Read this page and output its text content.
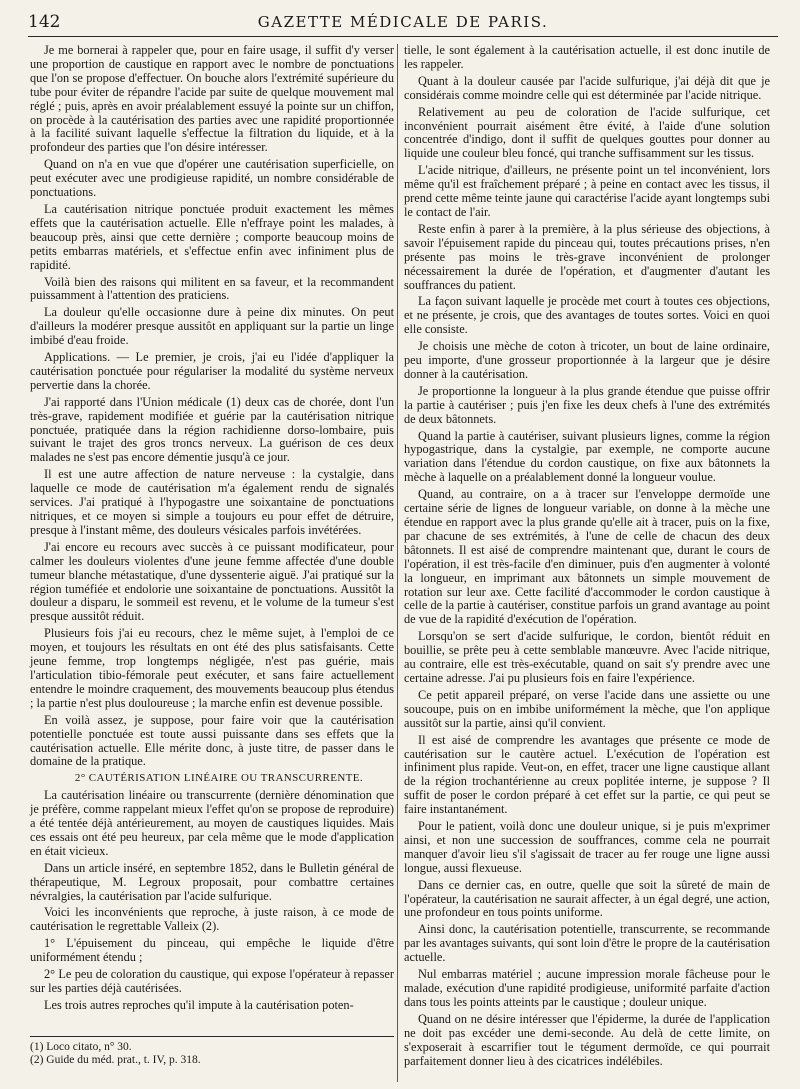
142	GAZETTE MÉDICALE DE PARIS.

Je me bornerai à rappeler que, pour en faire usage, il suffit d'y verser une proportion de caustique en rapport avec le nombre de ponctuations que l'on se propose d'effectuer. On bouche alors l'extrémité supérieure du tube pour éviter de répandre l'acide par suite de quelque mouvement mal réglé ; puis, après en avoir préalablement essuyé la pointe sur un chiffon, on procède à la cautérisation des parties avec une rapidité proportionnée à la facilité suivant laquelle s'effectue la filtration du liquide, et à la profondeur des parties que l'on désire intéresser.

Quand on n'a en vue que d'opérer une cautérisation superficielle, on peut exécuter avec une prodigieuse rapidité, un nombre considérable de ponctuations.

La cautérisation nitrique ponctuée produit exactement les mêmes effets que la cautérisation actuelle. Elle n'effraye point les malades, à beaucoup près, ainsi que cette dernière ; comporte beaucoup moins de petits embarras matériels, et s'effectue enfin avec infiniment plus de rapidité.

Voilà bien des raisons qui militent en sa faveur, et la recommandent puissamment à l'attention des praticiens.

La douleur qu'elle occasionne dure à peine dix minutes. On peut d'ailleurs la modérer presque aussitôt en appliquant sur la partie un linge imbibé d'eau froide.

Applications. — Le premier, je crois, j'ai eu l'idée d'appliquer la cautérisation ponctuée pour régulariser la modalité du système nerveux pervertie dans la chorée.

J'ai rapporté dans l'Union médicale (1) deux cas de chorée, dont l'un très-grave, rapidement modifiée et guérie par la cautérisation nitrique ponctuée, pratiquée dans la région rachidienne dorso-lombaire, puis suivant le trajet des gros troncs nerveux. La guérison de ces deux malades ne s'est pas encore démentie jusqu'à ce jour.

Il est une autre affection de nature nerveuse : la cystalgie, dans laquelle ce mode de cautérisation m'a également rendu de signalés services. J'ai pratiqué à l'hypogastre une soixantaine de ponctuations nitriques, et ce moyen si simple a toujours eu pour effet de détruire, presque à l'instant même, des douleurs vésicales parfois invétérées.

J'ai encore eu recours avec succès à ce puissant modificateur, pour calmer les douleurs violentes d'une jeune femme affectée d'une double tumeur blanche métastatique, d'une dyssenterie aiguë. J'ai pratiqué sur la région tuméfiée et endolorie une soixantaine de ponctuations. Aussitôt la douleur a disparu, le sommeil est revenu, et le volume de la tumeur s'est presque aussitôt réduit.

Plusieurs fois j'ai eu recours, chez le même sujet, à l'emploi de ce moyen, et toujours les résultats en ont été des plus satisfaisants. Cette jeune femme, trop longtemps négligée, n'est pas guérie, mais l'articulation tibio-fémorale peut exécuter, et sans faire actuellement entendre le moindre craquement, des mouvements beaucoup plus étendus ; la partie n'est plus douloureuse ; la marche enfin est devenue possible.

En voilà assez, je suppose, pour faire voir que la cautérisation potentielle ponctuée est toute aussi puissante dans ses effets que la cautérisation actuelle. Elle mérite donc, à juste titre, de passer dans le domaine de la pratique.

2° CAUTÉRISATION LINÉAIRE OU TRANSCURRENTE.

La cautérisation linéaire ou transcurrente (dernière dénomination que je préfère, comme rappelant mieux l'effet qu'on se propose de reproduire) a été tentée déjà antérieurement, au moyen de caustiques liquides. Mais ces essais ont été peu heureux, par cela même que le mode d'application en était vicieux.

Dans un article inséré, en septembre 1852, dans le Bulletin général de thérapeutique, M. Legroux proposait, pour combattre certaines névralgies, la cautérisation par l'acide sulfurique.

Voici les inconvénients que reproche, à juste raison, à ce mode de cautérisation le regrettable Valleix (2).

1° L'épuisement du pinceau, qui empêche le liquide d'être uniformément étendu ;

2° Le peu de coloration du caustique, qui expose l'opérateur à repasser sur les parties déjà cautérisées.

Les trois autres reproches qu'il impute à la cautérisation poten-

tielle, le sont également à la cautérisation actuelle, il est donc inutile de les rappeler.

Quant à la douleur causée par l'acide sulfurique, j'ai déjà dit que je considérais comme moindre celle qui est déterminée par l'acide nitrique.

Relativement au peu de coloration de l'acide sulfurique, cet inconvénient pourrait aisément être évité, à l'aide d'une solution concentrée d'indigo, dont il suffit de quelques gouttes pour donner au liquide une couleur bleu foncé, qui tranche suffisamment sur les tissus.

L'acide nitrique, d'ailleurs, ne présente point un tel inconvénient, lors même qu'il est fraîchement préparé ; à peine en contact avec les tissus, il prend cette même teinte jaune qui caractérise l'acide ayant longtemps subi le contact de l'air.

Reste enfin à parer à la première, à la plus sérieuse des objections, à savoir l'épuisement rapide du pinceau qui, toutes précautions prises, n'en présente pas moins le très-grave inconvénient de prolonger nécessairement la durée de l'opération, et d'augmenter d'autant les souffrances du patient.

La façon suivant laquelle je procède met court à toutes ces objections, et ne présente, je crois, que des avantages de toutes sortes. Voici en quoi elle consiste.

Je choisis une mèche de coton à tricoter, un bout de laine ordinaire, peu importe, d'une grosseur proportionnée à la largeur que je désire donner à la cautérisation.

Je proportionne la longueur à la plus grande étendue que puisse offrir la partie à cautériser ; puis j'en fixe les deux chefs à l'une des extrémités de deux bâtonnets.

Quand la partie à cautériser, suivant plusieurs lignes, comme la région hypogastrique, dans la cystalgie, par exemple, ne comporte aucune variation dans l'étendue du cordon caustique, on fixe aux bâtonnets la mèche à laquelle on a préalablement donné la longueur voulue.

Quand, au contraire, on a à tracer sur l'enveloppe dermoïde une certaine série de lignes de longueur variable, on donne à la mèche une étendue en rapport avec la plus grande qu'elle ait à tracer, puis on la fixe, par chacune de ses extrémités, à l'une de celle de chacun des deux bâtonnets. Il est aisé de comprendre maintenant que, durant le cours de l'opération, il est très-facile d'en diminuer, puis d'en augmenter à volonté la longueur, en imprimant aux bâtonnets un simple mouvement de rotation sur leur axe. Cette facilité d'accommoder le cordon caustique à celle de la partie à cautériser, constitue parfois un grand avantage au point de vue de la rapidité d'exécution de l'opération.

Lorsqu'on se sert d'acide sulfurique, le cordon, bientôt réduit en bouillie, se prête peu à cette semblable manœuvre. Avec l'acide nitrique, au contraire, elle est très-exécutable, quand on sait s'y prendre avec une certaine adresse. J'ai pu plusieurs fois en faire l'expérience.

Ce petit appareil préparé, on verse l'acide dans une assiette ou une soucoupe, puis on en imbibe uniformément la mèche, que l'on applique aussitôt sur la partie, ainsi qu'il convient.

Il est aisé de comprendre les avantages que présente ce mode de cautérisation sur le cautère actuel. L'exécution de l'opération est infiniment plus rapide. Veut-on, en effet, tracer une ligne caustique allant de la région trochantérienne au creux poplitée interne, je suppose ? Il suffit de poser le cordon préparé à cet effet sur la partie, ce qui peut se faire instantanément.

Pour le patient, voilà donc une douleur unique, si je puis m'exprimer ainsi, et non une succession de souffrances, comme cela ne pourrait manquer d'avoir lieu s'il s'agissait de tracer au fer rouge une ligne aussi longue, aussi flexueuse.

Dans ce dernier cas, en outre, quelle que soit la sûreté de main de l'opérateur, la cautérisation ne saurait affecter, à un égal degré, une action, une profondeur en tous points uniforme.

Ainsi donc, la cautérisation potentielle, transcurrente, se recommande par les avantages suivants, qui sont loin d'être le propre de la cautérisation actuelle.

Nul embarras matériel ; aucune impression morale fâcheuse pour le malade, exécution d'une rapidité prodigieuse, uniformité parfaite d'action dans tous les points atteints par le caustique ; douleur unique.

Quand on ne désire intéresser que l'épiderme, la durée de l'application ne doit pas excéder une demi-seconde. Au delà de cette limite, on s'exposerait à escarrifier tout le tégument dermoïde, ce qui pourrait parfaitement donner lieu à des cicatrices indélébiles.

(1) Loco citato, n° 30.
(2) Guide du méd. prat., t. IV, p. 318.
